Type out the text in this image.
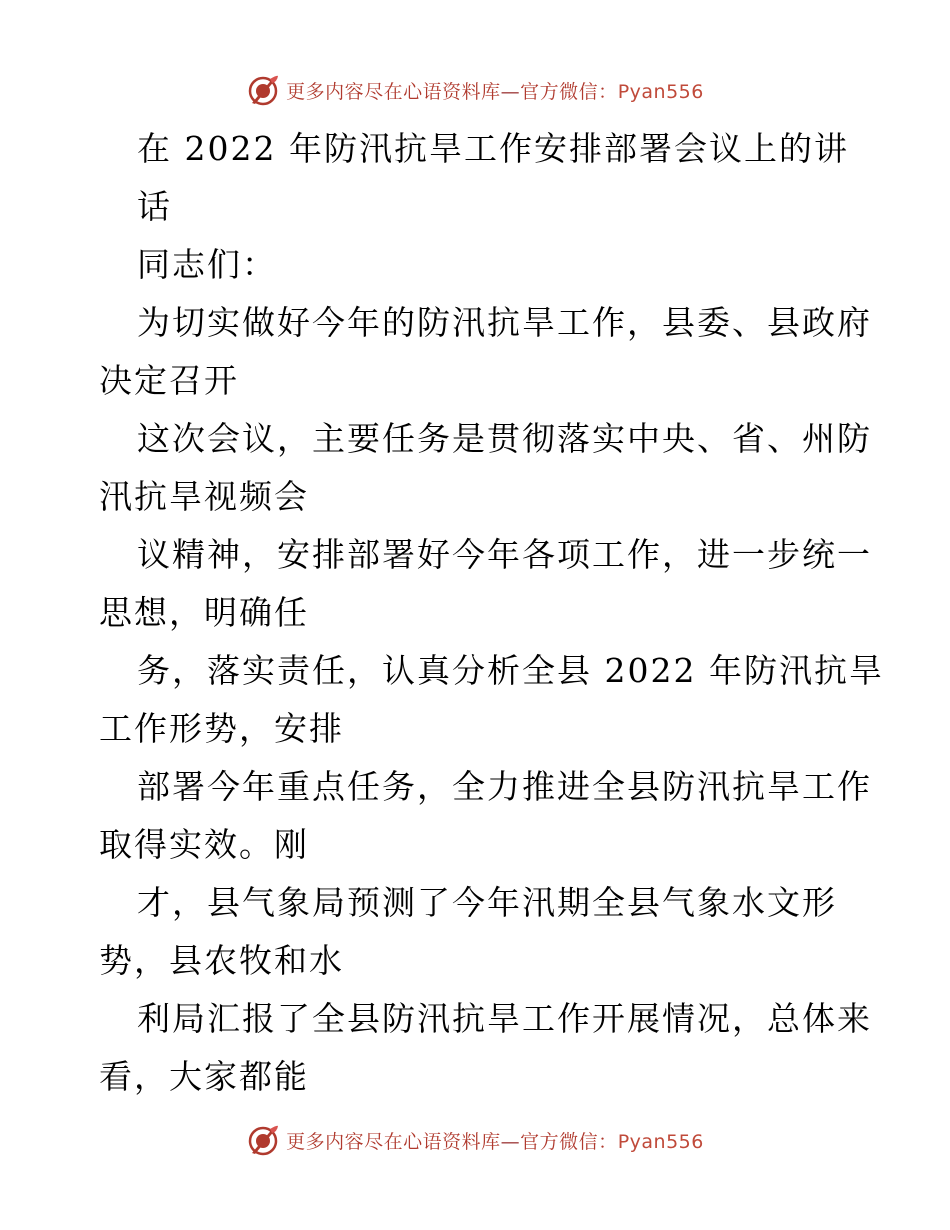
更多内容尽在心语资料库—官方微信：Pyan556
在 2022 年防汛抗旱工作安排部署会议上的讲
话
同志们：
为切实做好今年的防汛抗旱工作，县委、县政府
决定召开
这次会议，主要任务是贯彻落实中央、省、州防
汛抗旱视频会
议精神，安排部署好今年各项工作，进一步统一
思想，明确任
务，落实责任，认真分析全县 2022 年防汛抗旱
工作形势，安排
部署今年重点任务，全力推进全县防汛抗旱工作
取得实效。刚
才，县气象局预测了今年汛期全县气象水文形
势，县农牧和水
利局汇报了全县防汛抗旱工作开展情况，总体来
看，大家都能
更多内容尽在心语资料库—官方微信：Pyan556
